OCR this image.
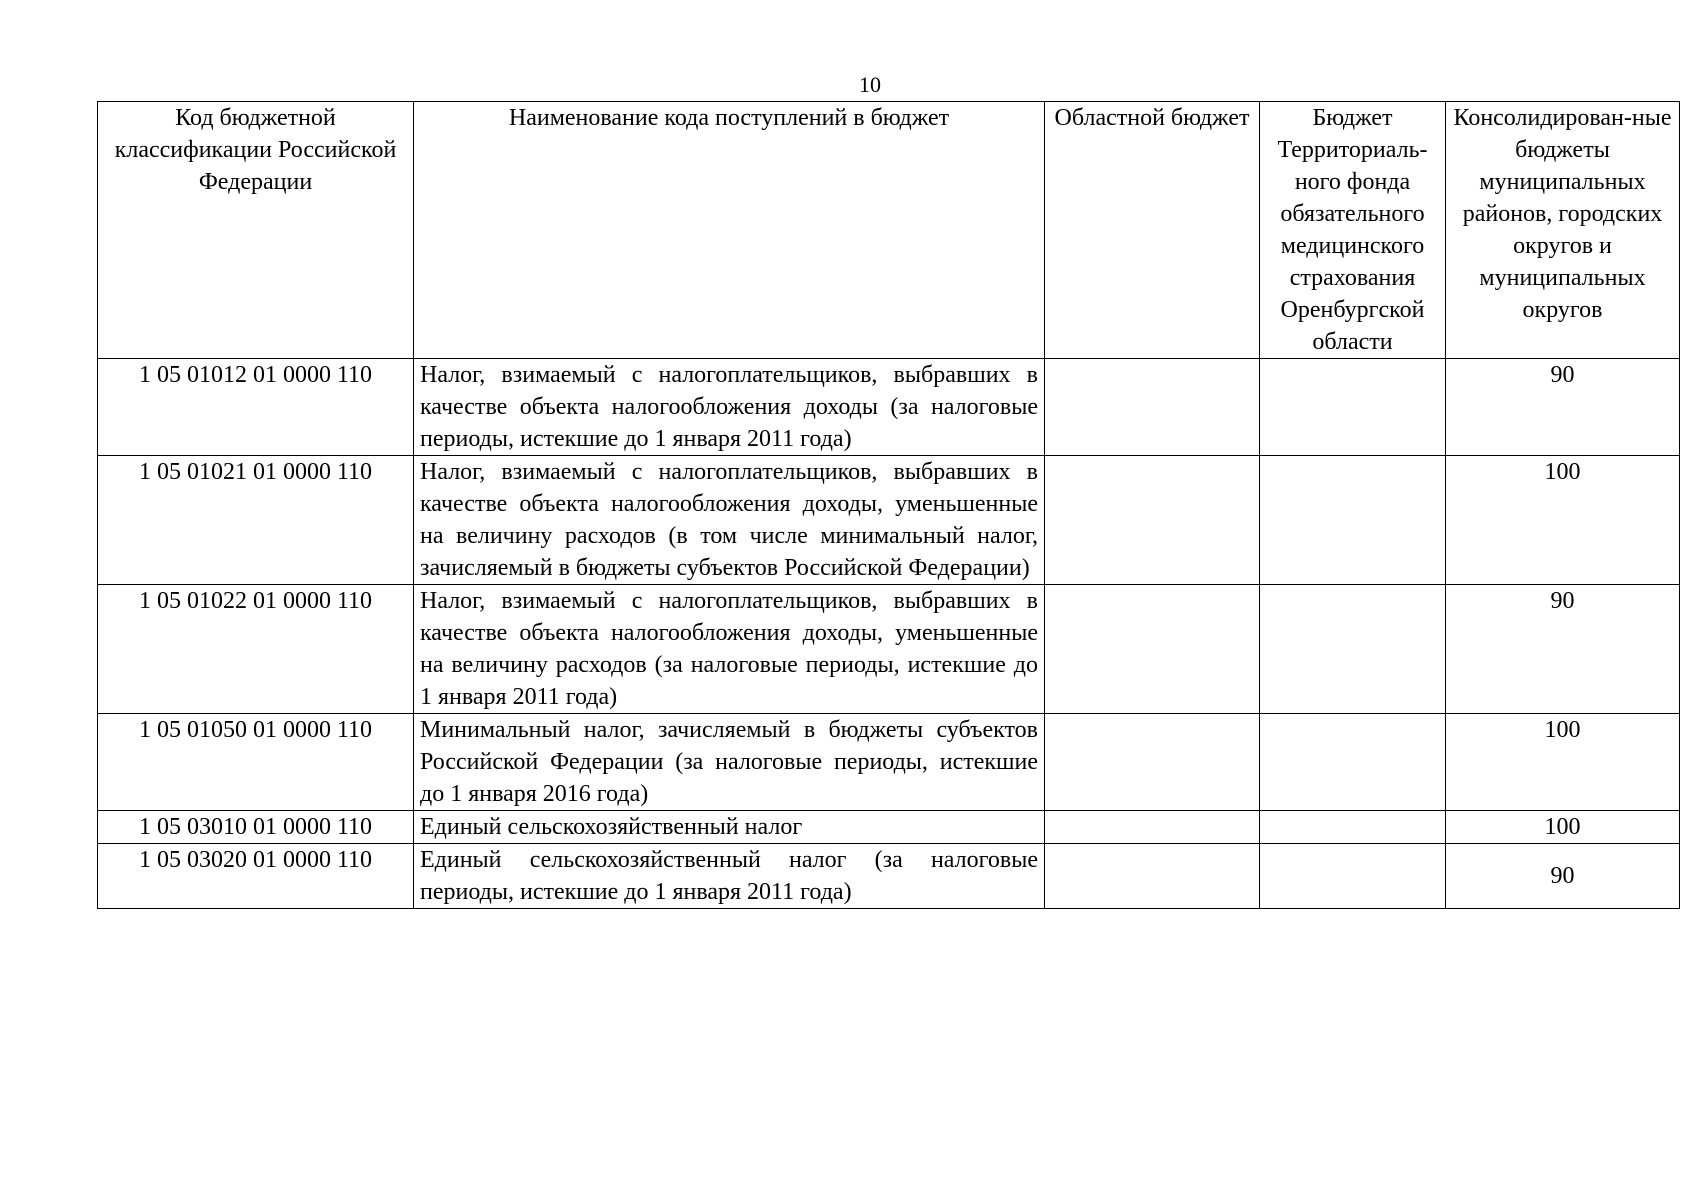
10
Код бюджетной классификации Российской Федерации	Наименование кода поступлений в бюджет	Областной бюджет	Бюджет Территориаль-ного фонда обязательного медицинского страхования Оренбургской области	Консолидирован-ные бюджеты муниципальных районов, городских округов и муниципальных округов
1 05 01012 01 0000 110	Налог, взимаемый с налогоплательщиков, выбравших в качестве объекта налогообложения доходы (за налоговые периоды, истекшие до 1 января 2011 года)			90
1 05 01021 01 0000 110	Налог, взимаемый с налогоплательщиков, выбравших в качестве объекта налогообложения доходы, уменьшенные на величину расходов (в том числе минимальный налог, зачисляемый в бюджеты субъектов Российской Федерации)			100
1 05 01022 01 0000 110	Налог, взимаемый с налогоплательщиков, выбравших в качестве объекта налогообложения доходы, уменьшенные на величину расходов (за налоговые периоды, истекшие до 1 января 2011 года)			90
1 05 01050 01 0000 110	Минимальный налог, зачисляемый в бюджеты субъектов Российской Федерации (за налоговые периоды, истекшие до 1 января 2016 года)			100
1 05 03010 01 0000 110	Единый сельскохозяйственный налог			100
1 05 03020 01 0000 110	Единый сельскохозяйственный налог (за налоговые периоды, истекшие до 1 января 2011 года)			90
